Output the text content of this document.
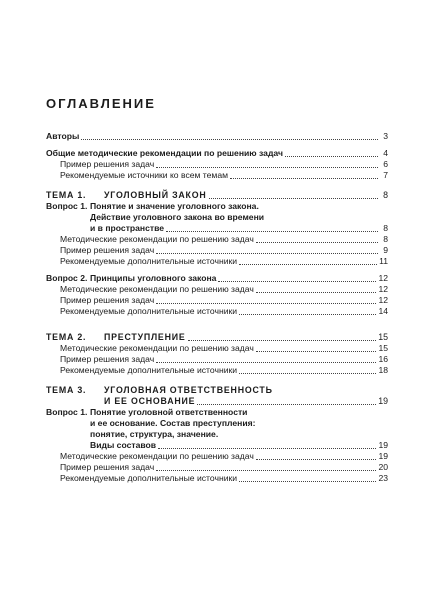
ОГЛАВЛЕНИЕ
Авторы	3
Общие методические рекомендации по решению задач	4
Пример решения задач	6
Рекомендуемые источники ко всем темам	7
ТЕМА 1.	УГОЛОВНЫЙ ЗАКОН	8
Вопрос 1. Понятие и значение уголовного закона.
Действие уголовного закона во времени
и в пространстве	8
Методические рекомендации по решению задач	8
Пример решения задач	9
Рекомендуемые дополнительные источники	11
Вопрос 2. Принципы уголовного закона	12
Методические рекомендации по решению задач	12
Пример решения задач	12
Рекомендуемые дополнительные источники	14
ТЕМА 2.	ПРЕСТУПЛЕНИЕ	15
Методические рекомендации по решению задач	15
Пример решения задач	16
Рекомендуемые дополнительные источники	18
ТЕМА 3.	УГОЛОВНАЯ ОТВЕТСТВЕННОСТЬ
И ЕЕ ОСНОВАНИЕ	19
Вопрос 1. Понятие уголовной ответственности
и ее основание. Состав преступления:
понятие, структура, значение.
Виды составов	19
Методические рекомендации по решению задач	19
Пример решения задач	20
Рекомендуемые дополнительные источники	23
